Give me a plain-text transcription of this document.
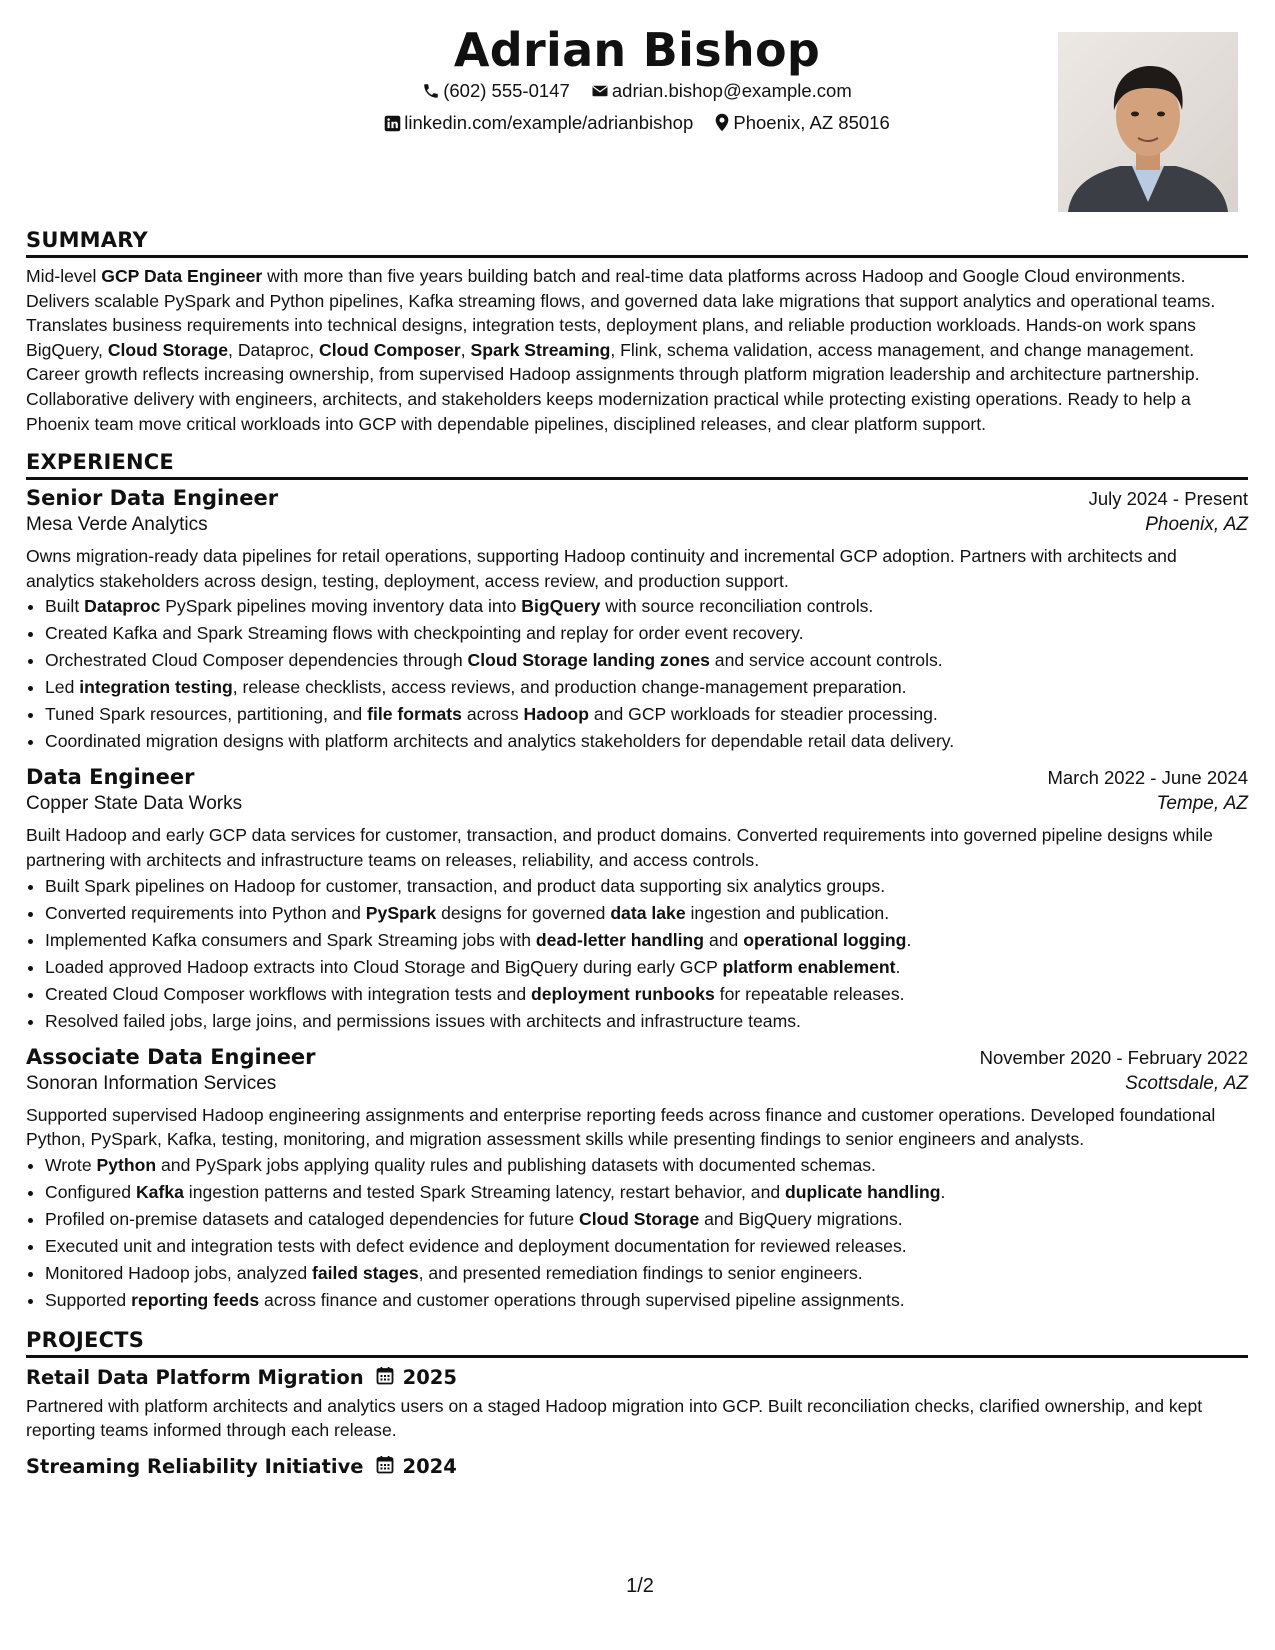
Adrian Bishop
(602) 555-0147 adrian.bishop@example.com
linkedin.com/example/adrianbishop Phoenix, AZ 85016
SUMMARY

Mid-level GCP Data Engineer with more than five years building batch and real-time data platforms across Hadoop and Google Cloud environments. Delivers scalable PySpark and Python pipelines, Kafka streaming flows, and governed data lake migrations that support analytics and operational teams. Translates business requirements into technical designs, integration tests, deployment plans, and reliable production workloads. Hands-on work spans BigQuery, Cloud Storage, Dataproc, Cloud Composer, Spark Streaming, Flink, schema validation, access management, and change management. Career growth reflects increasing ownership, from supervised Hadoop assignments through platform migration leadership and architecture partnership. Collaborative delivery with engineers, architects, and stakeholders keeps modernization practical while protecting existing operations. Ready to help a Phoenix team move critical workloads into GCP with dependable pipelines, disciplined releases, and clear platform support.

EXPERIENCE
Senior Data Engineer	July 2024 - Present
Mesa Verde Analytics	Phoenix, AZ

Owns migration-ready data pipelines for retail operations, supporting Hadoop continuity and incremental GCP adoption. Partners with architects and analytics stakeholders across design, testing, deployment, access review, and production support.

• Built Dataproc PySpark pipelines moving inventory data into BigQuery with source reconciliation controls.
• Created Kafka and Spark Streaming flows with checkpointing and replay for order event recovery.
• Orchestrated Cloud Composer dependencies through Cloud Storage landing zones and service account controls.
• Led integration testing, release checklists, access reviews, and production change-management preparation.
• Tuned Spark resources, partitioning, and file formats across Hadoop and GCP workloads for steadier processing.
• Coordinated migration designs with platform architects and analytics stakeholders for dependable retail data delivery.
Data Engineer	March 2022 - June 2024
Copper State Data Works	Tempe, AZ

Built Hadoop and early GCP data services for customer, transaction, and product domains. Converted requirements into governed pipeline designs while partnering with architects and infrastructure teams on releases, reliability, and access controls.

• Built Spark pipelines on Hadoop for customer, transaction, and product data supporting six analytics groups.
• Converted requirements into Python and PySpark designs for governed data lake ingestion and publication.
• Implemented Kafka consumers and Spark Streaming jobs with dead-letter handling and operational logging.
• Loaded approved Hadoop extracts into Cloud Storage and BigQuery during early GCP platform enablement.
• Created Cloud Composer workflows with integration tests and deployment runbooks for repeatable releases.
• Resolved failed jobs, large joins, and permissions issues with architects and infrastructure teams.
Associate Data Engineer	November 2020 - February 2022
Sonoran Information Services	Scottsdale, AZ

Supported supervised Hadoop engineering assignments and enterprise reporting feeds across finance and customer operations. Developed foundational Python, PySpark, Kafka, testing, monitoring, and migration assessment skills while presenting findings to senior engineers and analysts.

• Wrote Python and PySpark jobs applying quality rules and publishing datasets with documented schemas.
• Configured Kafka ingestion patterns and tested Spark Streaming latency, restart behavior, and duplicate handling.
• Profiled on-premise datasets and cataloged dependencies for future Cloud Storage and BigQuery migrations.
• Executed unit and integration tests with defect evidence and deployment documentation for reviewed releases.
• Monitored Hadoop jobs, analyzed failed stages, and presented remediation findings to senior engineers.
• Supported reporting feeds across finance and customer operations through supervised pipeline assignments.
PROJECTS
Retail Data Platform Migration 2025

Partnered with platform architects and analytics users on a staged Hadoop migration into GCP. Built reconciliation checks, clarified ownership, and kept reporting teams informed through each release.

Streaming Reliability Initiative 2024
1/2
